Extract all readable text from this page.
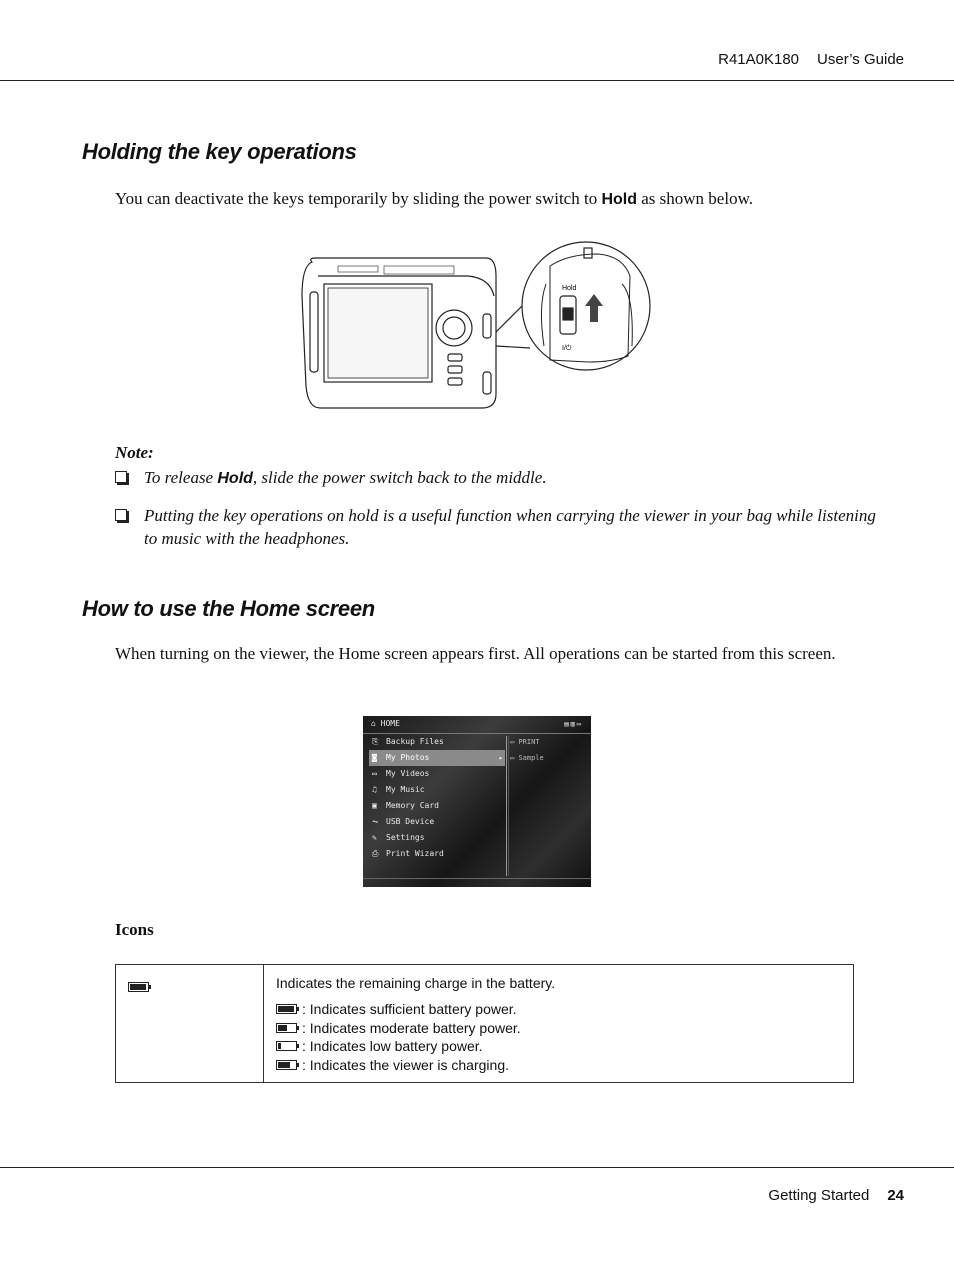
R41A0K180 User’s Guide
Holding the key operations

You can deactivate the keys temporarily by sliding the power switch to Hold as shown below.

Hold
I/⏻
Note:
To release Hold, slide the power switch back to the middle.
Putting the key operations on hold is a useful function when carrying the viewer in your bag while listening to music with the headphones.
How to use the Home screen

When turning on the viewer, the Home screen appears first. All operations can be started from this screen.

⌂ HOME	▤▥▭
⎘ Backup Files
◙ My Photos ▸
▭ My Videos
♫ My Music
▣ Memory Card
⏦ USB Device
✎ Settings
⎙ Print Wizard
▭ PRINT
▭ Sample
Icons

Indicates the remaining charge in the battery.
: Indicates sufficient battery power.
: Indicates moderate battery power.
: Indicates low battery power.
: Indicates the viewer is charging.
Getting Started 24
